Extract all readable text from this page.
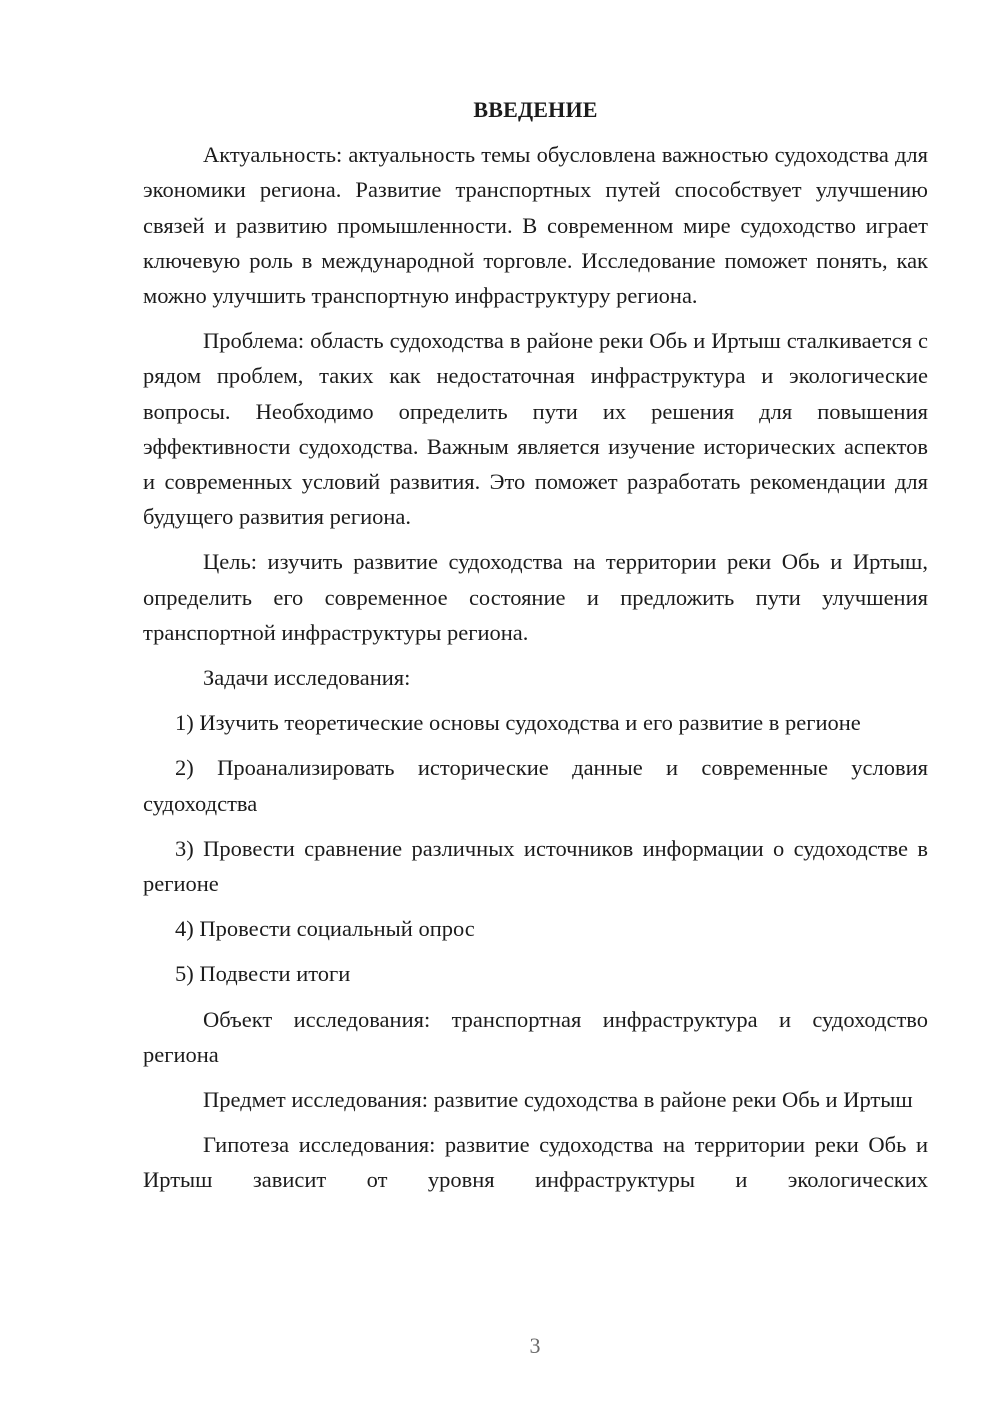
ВВЕДЕНИЕ

Актуальность: актуальность темы обусловлена важностью судоходства для экономики региона. Развитие транспортных путей способствует улучшению связей и развитию промышленности. В современном мире судоходство играет ключевую роль в международной торговле. Исследование поможет понять, как можно улучшить транспортную инфраструктуру региона.

Проблема: область судоходства в районе реки Обь и Иртыш сталкивается с рядом проблем, таких как недостаточная инфраструктура и экологические вопросы. Необходимо определить пути их решения для повышения эффективности судоходства. Важным является изучение исторических аспектов и современных условий развития. Это поможет разработать рекомендации для будущего развития региона.

Цель: изучить развитие судоходства на территории реки Обь и Иртыш, определить его современное состояние и предложить пути улучшения транспортной инфраструктуры региона.

Задачи исследования:

1) Изучить теоретические основы судоходства и его развитие в регионе

2) Проанализировать исторические данные и современные условия судоходства

3) Провести сравнение различных источников информации о судоходстве в регионе

4) Провести социальный опрос

5) Подвести итоги

Объект исследования: транспортная инфраструктура и судоходство региона

Предмет исследования: развитие судоходства в районе реки Обь и Иртыш

Гипотеза исследования: развитие судоходства на территории реки Обь и Иртыш зависит от уровня инфраструктуры и экологических

3
